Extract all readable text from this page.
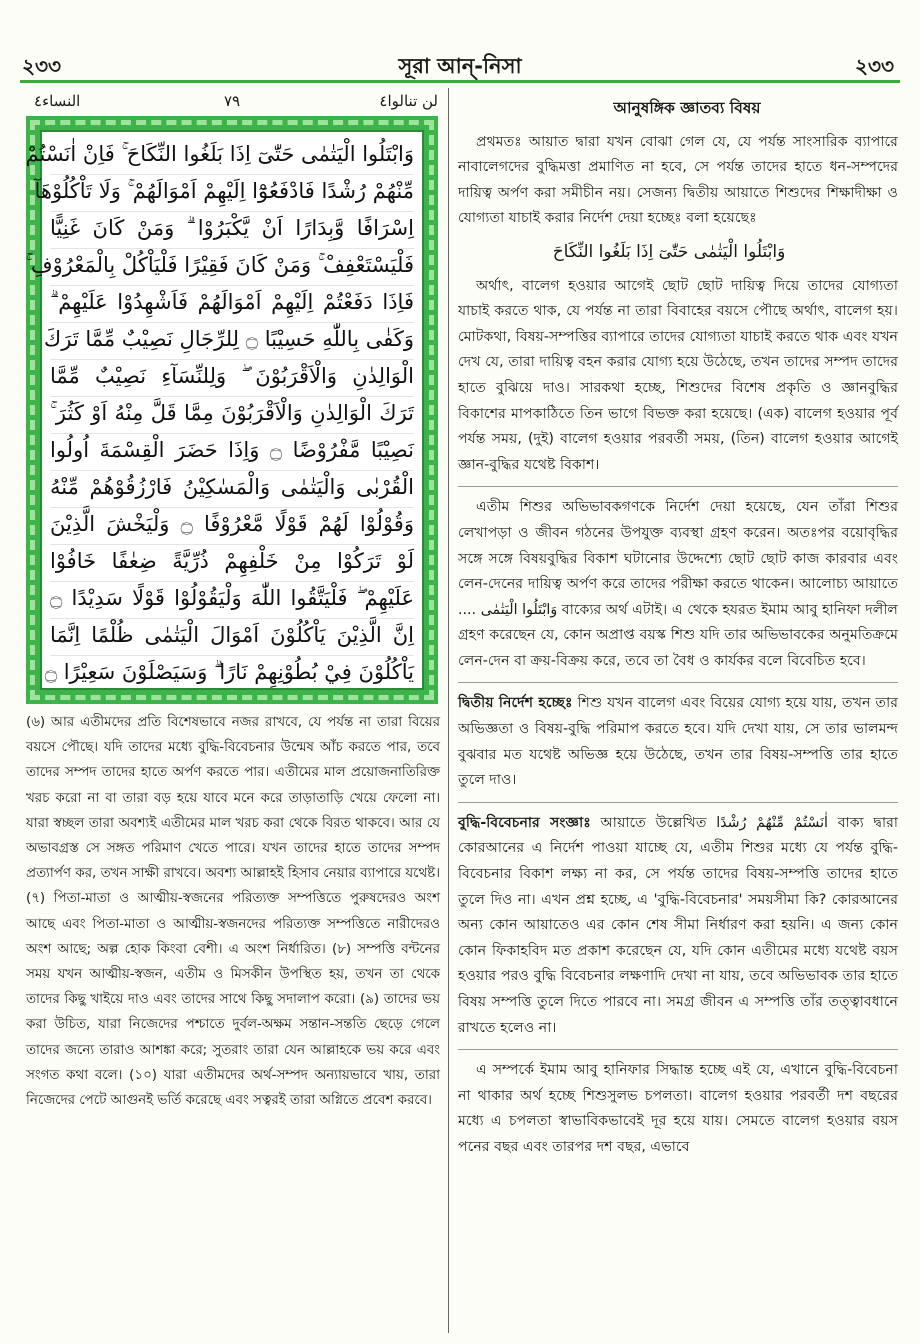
২৩৩	সূরা আন্-নিসা	২৩৩
النساء٤	٧٩	لن تنالوا٤
وَابْتَلُوا الْيَتٰمٰى حَتّٰىٓ اِذَا بَلَغُوا النِّكَاحَ ۚ فَاِنْ اٰنَسْتُمْ
مِّنْهُمْ رُشْدًا فَادْفَعُوْٓا اِلَيْهِمْ اَمْوَالَهُمْ ۚ وَلَا تَاْكُلُوْهَآ
اِسْرَافًا وَّبِدَارًا اَنْ يَّكْبَرُوْا ۗ وَمَنْ كَانَ غَنِيًّا
فَلْيَسْتَعْفِفْ ۚ وَمَنْ كَانَ فَقِيْرًا فَلْيَاْكُلْ بِالْمَعْرُوْفِ ۚ
فَاِذَا دَفَعْتُمْ اِلَيْهِمْ اَمْوَالَهُمْ فَاَشْهِدُوْا عَلَيْهِمْ ۗ
وَكَفٰى بِاللّٰهِ حَسِيْبًا ۝ لِلرِّجَالِ نَصِيْبٌ مِّمَّا تَرَكَ
الْوَالِدٰنِ وَالْاَقْرَبُوْنَ ۖ وَلِلنِّسَآءِ نَصِيْبٌ مِّمَّا
تَرَكَ الْوَالِدٰنِ وَالْاَقْرَبُوْنَ مِمَّا قَلَّ مِنْهُ اَوْ كَثُرَ ۚ
نَصِيْبًا مَّفْرُوْضًا ۝ وَاِذَا حَضَرَ الْقِسْمَةَ اُولُوا
الْقُرْبٰى وَالْيَتٰمٰى وَالْمَسٰكِيْنُ فَارْزُقُوْهُمْ مِّنْهُ
وَقُوْلُوْا لَهُمْ قَوْلًا مَّعْرُوْفًا ۝ وَلْيَخْشَ الَّذِيْنَ
لَوْ تَرَكُوْا مِنْ خَلْفِهِمْ ذُرِّيَّةً ضِعٰفًا خَافُوْا
عَلَيْهِمْ ۖ فَلْيَتَّقُوا اللّٰهَ وَلْيَقُوْلُوْا قَوْلًا سَدِيْدًا ۝
اِنَّ الَّذِيْنَ يَاْكُلُوْنَ اَمْوَالَ الْيَتٰمٰى ظُلْمًا اِنَّمَا
يَاْكُلُوْنَ فِيْ بُطُوْنِهِمْ نَارًا ۗ وَسَيَصْلَوْنَ سَعِيْرًا ۝
(৬) আর এতীমদের প্রতি বিশেষভাবে নজর রাখবে, যে পর্যন্ত না তারা বিয়ের বয়সে পৌছে। যদি তাদের মধ্যে বুদ্ধি-বিবেচনার উন্মেষ আঁচ করতে পার, তবে তাদের সম্পদ তাদের হাতে অর্পণ করতে পার। এতীমের মাল প্রয়োজনাতিরিক্ত খরচ করো না বা তারা বড় হয়ে যাবে মনে করে তাড়াতাড়ি খেয়ে ফেলো না। যারা স্বচ্ছল তারা অবশ্যই এতীমের মাল খরচ করা থেকে বিরত থাকবে। আর যে অভাবগ্রস্ত সে সঙ্গত পরিমাণ খেতে পারে। যখন তাদের হাতে তাদের সম্পদ প্রত্যার্পণ কর, তখন সাক্ষী রাখবে। অবশ্য আল্লাহই হিসাব নেয়ার ব্যাপারে যথেষ্ট। (৭) পিতা-মাতা ও আত্মীয়-স্বজনের পরিত্যক্ত সম্পত্তিতে পুরুষদেরও অংশ আছে এবং পিতা-মাতা ও আত্মীয়-স্বজনদের পরিত্যক্ত সম্পত্তিতে নারীদেরও অংশ আছে; অল্প হোক কিংবা বেশী। এ অংশ নির্ধারিত। (৮) সম্পত্তি বন্টনের সময় যখন আত্মীয়-স্বজন, এতীম ও মিসকীন উপস্থিত হয়, তখন তা থেকে তাদের কিছু খাইয়ে দাও এবং তাদের সাথে কিছু সদালাপ করো। (৯) তাদের ভয় করা উচিত, যারা নিজেদের পশ্চাতে দুর্বল-অক্ষম সন্তান-সন্ততি ছেড়ে গেলে তাদের জন্যে তারাও আশঙ্কা করে; সুতরাং তারা যেন আল্লাহকে ভয় করে এবং সংগত কথা বলে। (১০) যারা এতীমদের অর্থ-সম্পদ অন্যায়ভাবে খায়, তারা নিজেদের পেটে আগুনই ভর্তি করেছে এবং সত্বরই তারা অগ্নিতে প্রবেশ করবে।

আনুষঙ্গিক জ্ঞাতব্য বিষয়

প্রথমতঃ আয়াত দ্বারা যখন বোঝা গেল যে, যে পর্যন্ত সাংসারিক ব্যাপারে নাবালেগদের বুদ্ধিমত্তা প্রমাণিত না হবে, সে পর্যন্ত তাদের হাতে ধন-সম্পদের দায়িত্ব অর্পণ করা সমীচীন নয়। সেজন্য দ্বিতীয় আয়াতে শিশুদের শিক্ষাদীক্ষা ও যোগ্যতা যাচাই করার নির্দেশ দেয়া হচ্ছেঃ বলা হয়েছেঃ

وَابْتَلُوا الْيَتٰمٰى حَتّٰىٓ اِذَا بَلَغُوا النِّكَاحَ

অর্থাৎ, বালেগ হওয়ার আগেই ছোট ছোট দায়িত্ব দিয়ে তাদের যোগ্যতা যাচাই করতে থাক, যে পর্যন্ত না তারা বিবাহের বয়সে পৌছে অর্থাৎ, বালেগ হয়। মোটকথা, বিষয়-সম্পত্তির ব্যাপারে তাদের যোগ্যতা যাচাই করতে থাক এবং যখন দেখ যে, তারা দায়িত্ব বহন করার যোগ্য হয়ে উঠেছে, তখন তাদের সম্পদ তাদের হাতে বুঝিয়ে দাও। সারকথা হচ্ছে, শিশুদের বিশেষ প্রকৃতি ও জ্ঞানবুদ্ধির বিকাশের মাপকাঠিতে তিন ভাগে বিভক্ত করা হয়েছে। (এক) বালেগ হওয়ার পূর্ব পর্যন্ত সময়, (দুই) বালেগ হওয়ার পরবর্তী সময়, (তিন) বালেগ হওয়ার আগেই জ্ঞান-বুদ্ধির যথেষ্ট বিকাশ।

এতীম শিশুর অভিভাবকগণকে নির্দেশ দেয়া হয়েছে, যেন তাঁরা শিশুর লেখাপড়া ও জীবন গঠনের উপযুক্ত ব্যবস্থা গ্রহণ করেন। অতঃপর বয়োবৃদ্ধির সঙ্গে সঙ্গে বিষয়বুদ্ধির বিকাশ ঘটানোর উদ্দেশ্যে ছোট ছোট কাজ কারবার এবং লেন-দেনের দায়িত্ব অর্পণ করে তাদের পরীক্ষা করতে থাকেন। আলোচ্য আয়াতে .... وَابْتَلُوا الْيَتٰمٰى বাক্যের অর্থ এটাই। এ থেকে হযরত ইমাম আবু হানিফা দলীল গ্রহণ করেছেন যে, কোন অপ্রাপ্ত বয়স্ক শিশু যদি তার অভিভাবকের অনুমতিক্রমে লেন-দেন বা ক্রয়-বিক্রয় করে, তবে তা বৈধ ও কার্যকর বলে বিবেচিত হবে।

দ্বিতীয় নির্দেশ হচ্ছেঃ শিশু যখন বালেগ এবং বিয়ের যোগ্য হয়ে যায়, তখন তার অভিজ্ঞতা ও বিষয়-বুদ্ধি পরিমাপ করতে হবে। যদি দেখা যায়, সে তার ভালমন্দ বুঝবার মত যথেষ্ট অভিজ্ঞ হয়ে উঠেছে, তখন তার বিষয়-সম্পত্তি তার হাতে তুলে দাও।

বুদ্ধি-বিবেচনার সংজ্ঞাঃ আয়াতে উল্লেখিত اٰنَسْتُمْ مِّنْهُمْ رُشْدًا বাক্য দ্বারা কোরআনের এ নির্দেশ পাওয়া যাচ্ছে যে, এতীম শিশুর মধ্যে যে পর্যন্ত বুদ্ধি-বিবেচনার বিকাশ লক্ষ্য না কর, সে পর্যন্ত তাদের বিষয়-সম্পত্তি তাদের হাতে তুলে দিও না। এখন প্রশ্ন হচ্ছে, এ 'বুদ্ধি-বিবেচনার' সময়সীমা কি? কোরআনের অন্য কোন আয়াতেও এর কোন শেষ সীমা নির্ধারণ করা হয়নি। এ জন্য কোন কোন ফিকাহবিদ মত প্রকাশ করেছেন যে, যদি কোন এতীমের মধ্যে যথেষ্ট বয়স হওয়ার পরও বুদ্ধি বিবেচনার লক্ষণাদি দেখা না যায়, তবে অভিভাবক তার হাতে বিষয় সম্পত্তি তুলে দিতে পারবে না। সমগ্র জীবন এ সম্পত্তি তাঁর তত্ত্বাবধানে রাখতে হলেও না।

এ সম্পর্কে ইমাম আবু হানিফার সিদ্ধান্ত হচ্ছে এই যে, এখানে বুদ্ধি-বিবেচনা না থাকার অর্থ হচ্ছে শিশুসুলভ চপলতা। বালেগ হওয়ার পরবর্তী দশ বছরের মধ্যে এ চপলতা স্বাভাবিকভাবেই দূর হয়ে যায়। সেমতে বালেগ হওয়ার বয়স পনের বছর এবং তারপর দশ বছর, এভাবে
